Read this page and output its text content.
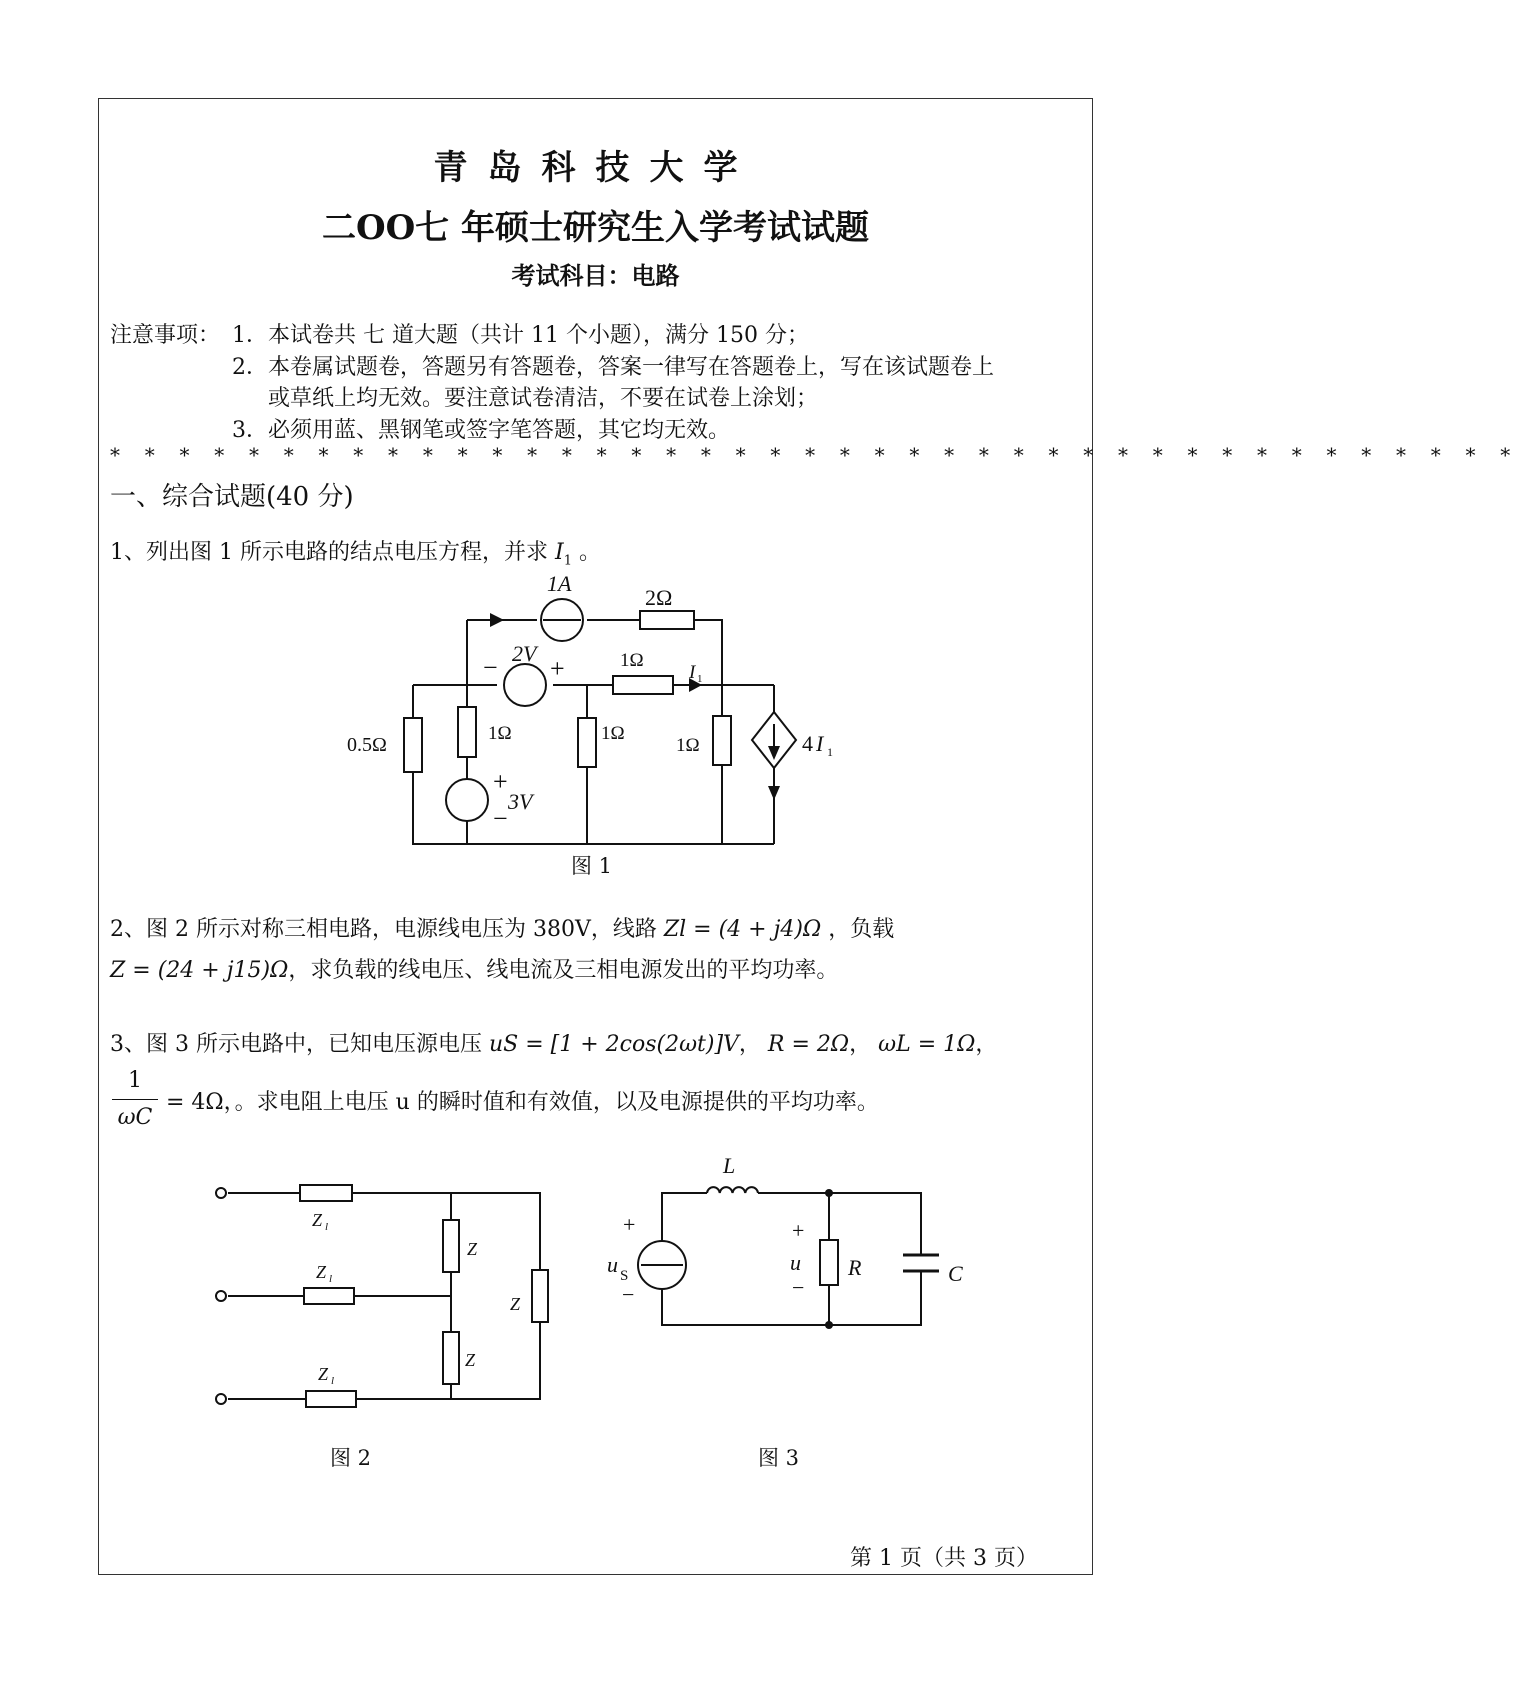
青岛科技大学
二OO七 年硕士研究生入学考试试题
考试科目：电路
注意事项： 1．本试卷共 七 道大题（共计 11 个小题），满分 150 分；
2．本卷属试题卷，答题另有答题卷，答案一律写在答题卷上，写在该试题卷上
或草纸上均无效。要注意试卷清洁，不要在试卷上涂划；
3．必须用蓝、黑钢笔或签字笔答题，其它均无效。
* * * * * * * * * * * * * * * * * * * * * * * * * * * * * * * * * * * * * * * * *
一、综合试题(40 分)
1、列出图 1 所示电路的结点电压方程，并求 $I_1$ 。
1A
2Ω
2V
− +	1Ω
I 1
0.5Ω
1Ω	1Ω
1Ω
+
3V
−
4 I 1
图 1
2、图 2 所示对称三相电路，电源线电压为 380V，线路 Zl = (4 + j4)Ω ，负载
Z = (24 + j15)Ω，求负载的线电压、线电流及三相电源发出的平均功率。
3、图 3 所示电路中，已知电压源电压 uS = [1 + 2cos(2ωt)]V， R = 2Ω， ωL = 1Ω，
1
ωC
= 4Ω，。求电阻上电压 u 的瞬时值和有效值，以及电源提供的平均功率。
Z l
Z l
Z l
Z
Z
Z
L
R	C
+
u S
−
+
u
−
图 2	图 3
第 1 页（共 3 页）
